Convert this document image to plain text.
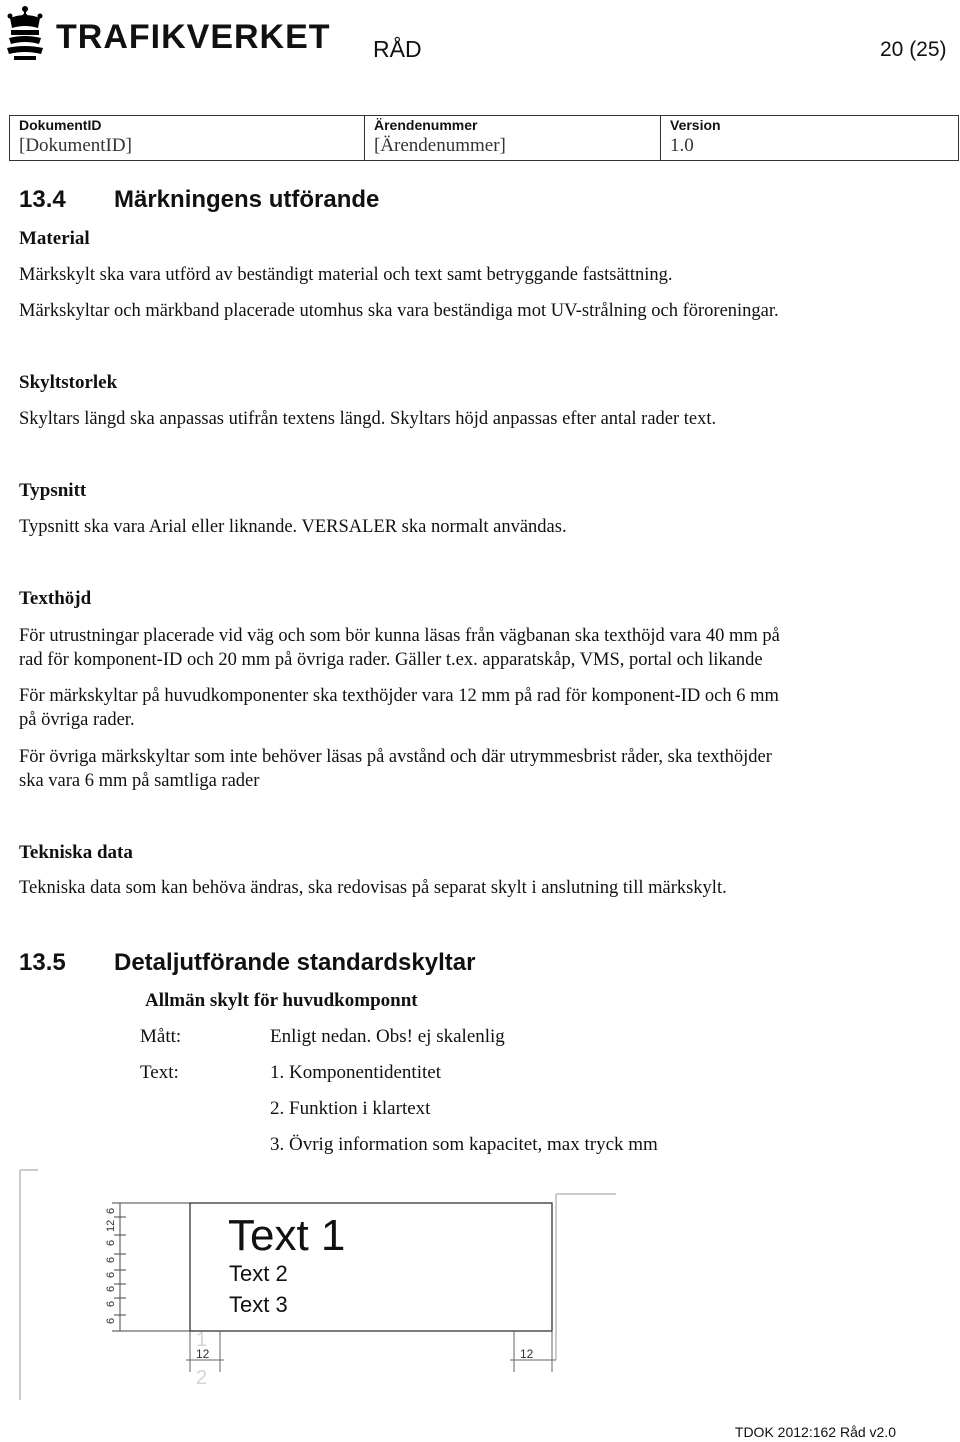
TRAFIKVERKET RÅD	20 (25)
DokumentID
[DokumentID]
Ärendenummer
[Ärendenummer]
Version
1.0
13.4 Märkningens utförande
Material
Märkskylt ska vara utförd av beständigt material och text samt betryggande fastsättning.
Märkskyltar och märkband placerade utomhus ska vara beständiga mot UV-strålning och föroreningar.
Skyltstorlek
Skyltars längd ska anpassas utifrån textens längd. Skyltars höjd anpassas efter antal rader text.
Typsnitt
Typsnitt ska vara Arial eller liknande. VERSALER ska normalt användas.
Texthöjd
För utrustningar placerade vid väg och som bör kunna läsas från vägbanan ska texthöjd vara 40 mm på
rad för komponent-ID och 20 mm på övriga rader. Gäller t.ex. apparatskåp, VMS, portal och likande
För märkskyltar på huvudkomponenter ska texthöjder vara 12 mm på rad för komponent-ID och 6 mm
på övriga rader.
För övriga märkskyltar som inte behöver läsas på avstånd och där utrymmesbrist råder, ska texthöjder
ska vara 6 mm på samtliga rader
Tekniska data
Tekniska data som kan behöva ändras, ska redovisas på separat skylt i anslutning till märkskylt.
13.5 Detaljutförande standardskyltar
Allmän skylt för huvudkomponnt
Mått:	Enligt nedan. Obs! ej skalenlig
Text:	1. Komponentidentitet
2. Funktion i klartext
3. Övrig information som kapacitet, max tryck mm
6
6
6
6
6
6
12
6
Text 1
Text 2
Text 3
12	12
1
2
TDOK 2012:162 Råd v2.0
